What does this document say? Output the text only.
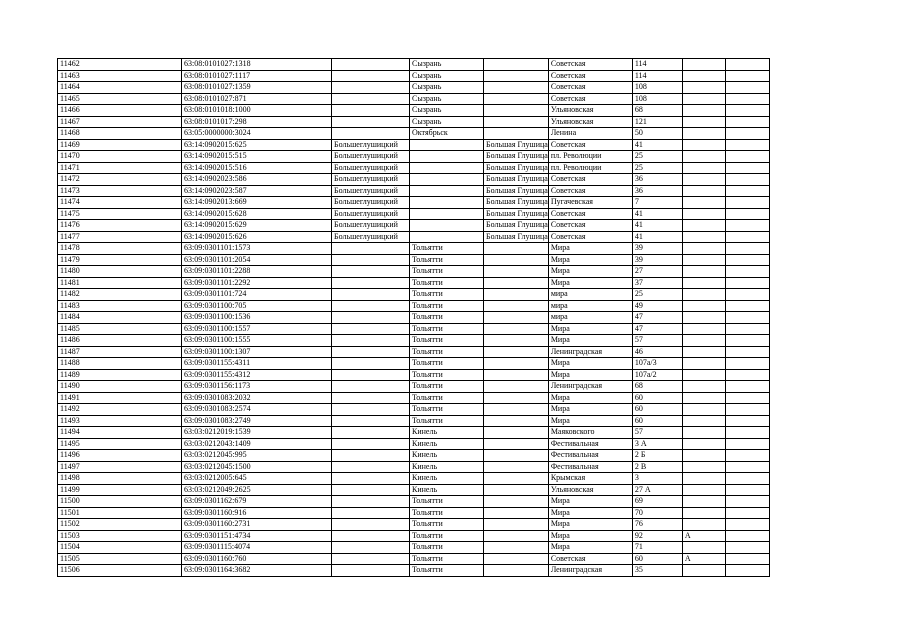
11462	63:08:0101027:1318		Сызрань		Советская	114		
11463	63:08:0101027:1117		Сызрань		Советская	114		
11464	63:08:0101027:1359		Сызрань		Советская	108		
11465	63:08:0101027:871		Сызрань		Советская	108		
11466	63:08:0101018:1000		Сызрань		Ульяновская	68		
11467	63:08:0101017:298		Сызрань		Ульяновская	121		
11468	63:05:0000000:3024		Октябрьск		Ленина	50		
11469	63:14:0902015:625	Большеглушицкий		Большая Глушица	Советская	41		
11470	63:14:0902015:515	Большеглушицкий		Большая Глушица	пл. Революции	25		
11471	63:14:0902015:516	Большеглушицкий		Большая Глушица	пл. Революции	25		
11472	63:14:0902023:586	Большеглушицкий		Большая Глушица	Советская	36		
11473	63:14:0902023:587	Большеглушицкий		Большая Глушица	Советская	36		
11474	63:14:0902013:669	Большеглушицкий		Большая Глушица	Пугачевская	7		
11475	63:14:0902015:628	Большеглушицкий		Большая Глушица	Советская	41		
11476	63:14:0902015:629	Большеглушицкий		Большая Глушица	Советская	41		
11477	63:14:0902015:626	Большеглушицкий		Большая Глушица	Советская	41		
11478	63:09:0301101:1573		Тольятти		Мира	39		
11479	63:09:0301101:2054		Тольятти		Мира	39		
11480	63:09:0301101:2288		Тольятти		Мира	27		
11481	63:09:0301101:2292		Тольятти		Мира	37		
11482	63:09:0301101:724		Тольятти		мира	25		
11483	63:09:0301100:705		Тольятти		мира	49		
11484	63:09:0301100:1536		Тольятти		мира	47		
11485	63:09:0301100:1557		Тольятти		Мира	47		
11486	63:09:0301100:1555		Тольятти		Мира	57		
11487	63:09:0301100:1307		Тольятти		Ленинградская	46		
11488	63:09:0301155:4311		Тольятти		Мира	107а/3		
11489	63:09:0301155:4312		Тольятти		Мира	107а/2		
11490	63:09:0301156:1173		Тольятти		Ленинградская	68		
11491	63:09:0301083:2032		Тольятти		Мира	60		
11492	63:09:0301083:2574		Тольятти		Мира	60		
11493	63:09:0301083:2749		Тольятти		Мира	60		
11494	63:03:0212019:1539		Кинель		Маяковского	57		
11495	63:03:0212043:1409		Кинель		Фестивальная	3 А		
11496	63:03:0212045:995		Кинель		Фестивальная	2 Б		
11497	63:03:0212045:1500		Кинель		Фестивальная	2 В		
11498	63:03:0212005:645		Кинель		Крымская	3		
11499	63:03:0212049:2625		Кинель		Ульяновская	27 А		
11500	63:09:0301162:679		Тольятти		Мира	69		
11501	63:09:0301160:916		Тольятти		Мира	70		
11502	63:09:0301160:2731		Тольятти		Мира	76		
11503	63:09:0301151:4734		Тольятти		Мира	92	А	
11504	63:09:0301115:4074		Тольятти		Мира	71		
11505	63:09:0301160:760		Тольятти		Советская	60	А	
11506	63:09:0301164:3682		Тольятти		Ленинградская	35		
